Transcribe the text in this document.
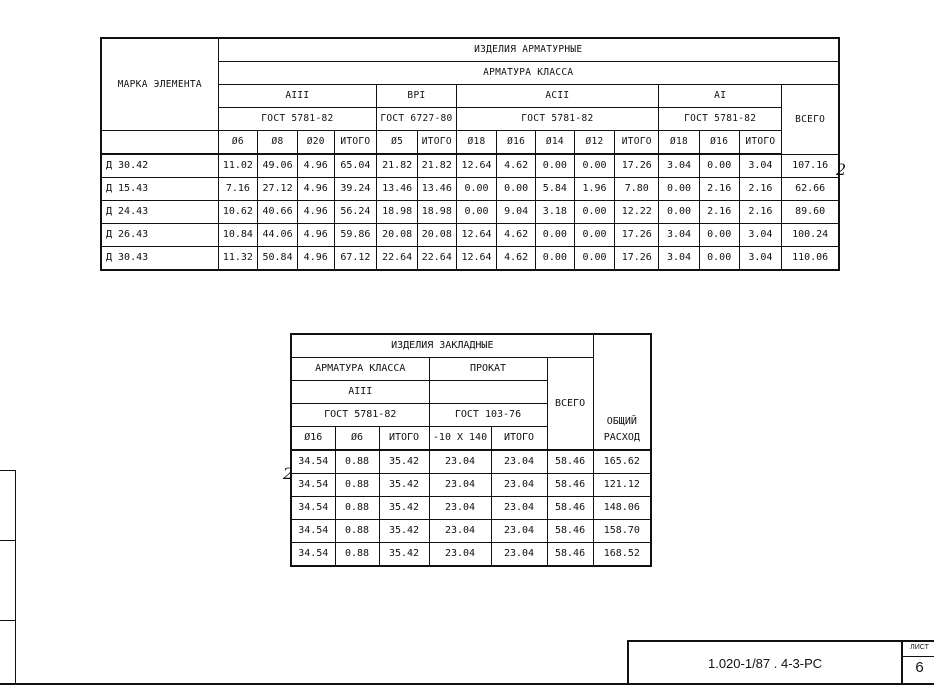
МАРКА ЭЛЕМЕНТА	ИЗДЕЛИЯ АРМАТУРНЫЕ														
	АРМАТУРА КЛАССА														
	AIII				BPI		ACII					AI			ВСЕГО
	ГОСТ 5781-82				ГОСТ 6727-80		ГОСТ 5781-82					ГОСТ 5781-82			
	Ø6	Ø8	Ø20	ИТОГО	Ø5	ИТОГО	Ø18	Ø16	Ø14	Ø12	ИТОГО	Ø18	Ø16	ИТОГО	
Д 30.42	11.02	49.06	4.96	65.04	21.82	21.82	12.64	4.62	0.00	0.00	17.26	3.04	0.00	3.04	107.16
Д 15.43	7.16	27.12	4.96	39.24	13.46	13.46	0.00	0.00	5.84	1.96	7.80	0.00	2.16	2.16	62.66
Д 24.43	10.62	40.66	4.96	56.24	18.98	18.98	0.00	9.04	3.18	0.00	12.22	0.00	2.16	2.16	89.60
Д 26.43	10.84	44.06	4.96	59.86	20.08	20.08	12.64	4.62	0.00	0.00	17.26	3.04	0.00	3.04	100.24
Д 30.43	11.32	50.84	4.96	67.12	22.64	22.64	12.64	4.62	0.00	0.00	17.26	3.04	0.00	3.04	110.06
ИЗДЕЛИЯ ЗАКЛАДНЫЕ						ОБЩИЙ РАСХОД
АРМАТУРА КЛАССА			ПРОКАТ		ВСЕГО	
AIII						
ГОСТ 5781-82			ГОСТ 103-76			
Ø16	Ø6	ИТОГО	-10 Х 140	ИТОГО		
34.54	0.88	35.42	23.04	23.04	58.46	165.62
34.54	0.88	35.42	23.04	23.04	58.46	121.12
34.54	0.88	35.42	23.04	23.04	58.46	148.06
34.54	0.88	35.42	23.04	23.04	58.46	158.70
34.54	0.88	35.42	23.04	23.04	58.46	168.52
2
2
1.020-1/87 . 4-3-РС
ЛИСТ
6
